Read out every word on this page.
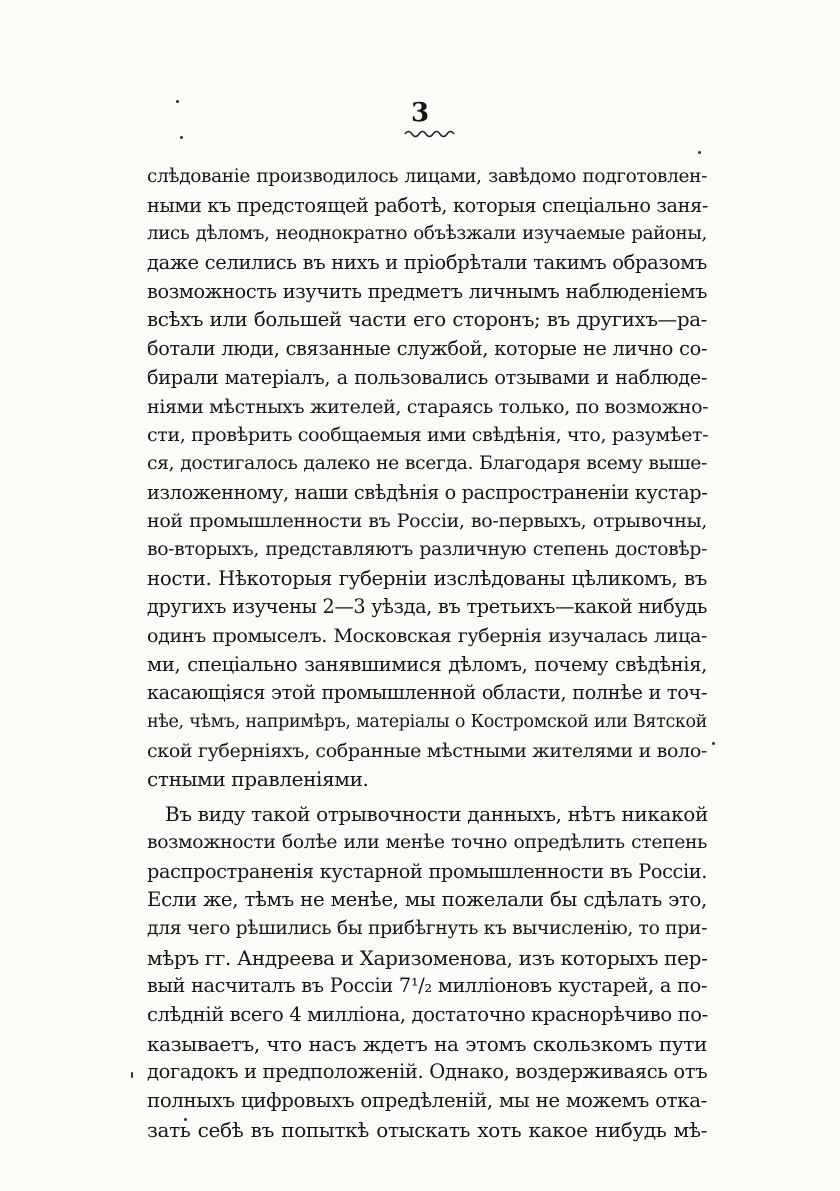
3
слѣдованіе производилось лицами, завѣдомо подготовлен-
ными къ предстоящей работѣ, которыя спеціально заня-
лись дѣломъ, неоднократно объѣзжали изучаемые районы,
даже селились въ нихъ и пріобрѣтали такимъ образомъ
возможность изучить предметъ личнымъ наблюденіемъ
всѣхъ или большей части его сторонъ; въ другихъ—ра-
ботали люди, связанные службой, которые не лично со-
бирали матеріалъ, а пользовались отзывами и наблюде-
ніями мѣстныхъ жителей, стараясь только, по возможно-
сти, провѣрить сообщаемыя ими свѣдѣнія, что, разумѣет-
ся, достигалось далеко не всегда. Благодаря всему выше-
изложенному, наши свѣдѣнія о распространеніи кустар-
ной промышленности въ Россіи, во-первыхъ, отрывочны,
во-вторыхъ, представляютъ различную степень достовѣр-
ности. Нѣкоторыя губерніи изслѣдованы цѣликомъ, въ
другихъ изучены 2—3 уѣзда, въ третьихъ—какой нибудь
одинъ промыселъ. Московская губернія изучалась лица-
ми, спеціально занявшимися дѣломъ, почему свѣдѣнія,
касающіяся этой промышленной области, полнѣе и точ-
нѣе, чѣмъ, напримѣръ, матеріалы о Костромской или Вятской
ской губерніяхъ, собранные мѣстными жителями и воло-
стными правленіями.
Въ виду такой отрывочности данныхъ, нѣтъ никакой
возможности болѣе или менѣе точно опредѣлить степень
распространенія кустарной промышленности въ Россіи.
Если же, тѣмъ не менѣе, мы пожелали бы сдѣлать это,
для чего рѣшились бы прибѣгнуть къ вычисленію, то при-
мѣръ гг. Андреева и Харизоменова, изъ которыхъ пер-
вый насчиталъ въ Россіи 7¹/₂ милліоновъ кустарей, а по-
слѣдній всего 4 милліона, достаточно краснорѣчиво по-
казываетъ, что насъ ждетъ на этомъ скользкомъ пути
догадокъ и предположеній. Однако, воздерживаясь отъ
полныхъ цифровыхъ опредѣленій, мы не можемъ отка-
зать себѣ въ попыткѣ отыскать хоть какое нибудь мѣ-
